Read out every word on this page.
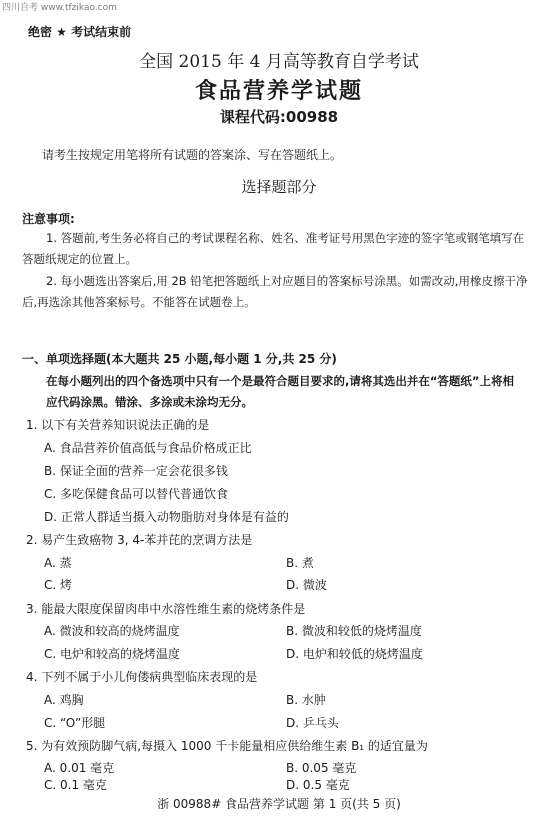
四川自考 www.tfzikao.com
绝密 ★ 考试结束前
全国 2015 年 4 月高等教育自学考试
食品营养学试题
课程代码:00988
请考生按规定用笔将所有试题的答案涂、写在答题纸上。
选择题部分
注意事项:
1. 答题前,考生务必将自己的考试课程名称、姓名、准考证号用黑色字迹的签字笔或钢笔填写在答题纸规定的位置上。
2. 每小题选出答案后,用 2B 铅笔把答题纸上对应题目的答案标号涂黑。如需改动,用橡皮擦干净后,再选涂其他答案标号。不能答在试题卷上。
一、单项选择题(本大题共 25 小题,每小题 1 分,共 25 分)
在每小题列出的四个备选项中只有一个是最符合题目要求的,请将其选出并在“答题纸”上将相应代码涂黑。错涂、多涂或未涂均无分。
1. 以下有关营养知识说法正确的是
A. 食品营养价值高低与食品价格成正比
B. 保证全面的营养一定会花很多钱
C. 多吃保健食品可以替代普通饮食
D. 正常人群适当摄入动物脂肪对身体是有益的
2. 易产生致癌物 3, 4-苯并芘的烹调方法是
A. 蒸	B. 煮
C. 烤	D. 微波
3. 能最大限度保留肉串中水溶性维生素的烧烤条件是
A. 微波和较高的烧烤温度	B. 微波和较低的烧烤温度
C. 电炉和较高的烧烤温度	D. 电炉和较低的烧烤温度
4. 下列不属于小儿佝偻病典型临床表现的是
A. 鸡胸	B. 水肿
C. “O”形腿	D. 乒乓头
5. 为有效预防脚气病,每摄入 1000 千卡能量相应供给维生素 B₁ 的适宜量为
A. 0.01 毫克	B. 0.05 毫克
C. 0.1 毫克	D. 0.5 毫克
浙 00988# 食品营养学试题 第 1 页(共 5 页)
